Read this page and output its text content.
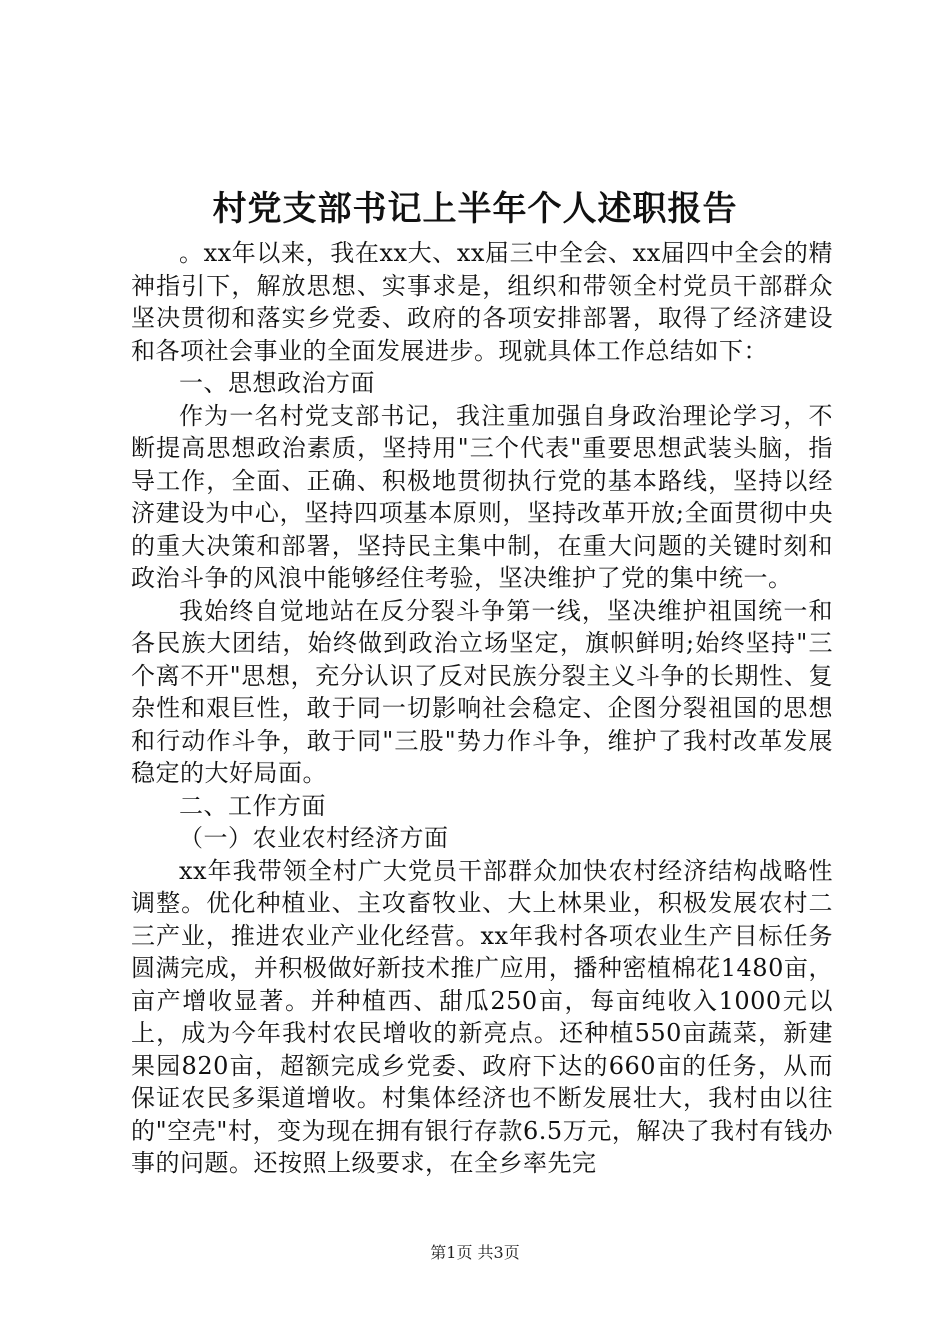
村党支部书记上半年个人述职报告

。xx年以来，我在xx大、xx届三中全会、xx届四中全会的精神指引下，解放思想、实事求是，组织和带领全村党员干部群众坚决贯彻和落实乡党委、政府的各项安排部署，取得了经济建设和各项社会事业的全面发展进步。现就具体工作总结如下：

一、思想政治方面

作为一名村党支部书记，我注重加强自身政治理论学习，不断提高思想政治素质，坚持用"三个代表"重要思想武装头脑，指导工作，全面、正确、积极地贯彻执行党的基本路线，坚持以经济建设为中心，坚持四项基本原则，坚持改革开放;全面贯彻中央的重大决策和部署，坚持民主集中制，在重大问题的关键时刻和政治斗争的风浪中能够经住考验，坚决维护了党的集中统一。

我始终自觉地站在反分裂斗争第一线，坚决维护祖国统一和各民族大团结，始终做到政治立场坚定，旗帜鲜明;始终坚持"三个离不开"思想，充分认识了反对民族分裂主义斗争的长期性、复杂性和艰巨性，敢于同一切影响社会稳定、企图分裂祖国的思想和行动作斗争，敢于同"三股"势力作斗争，维护了我村改革发展稳定的大好局面。

二、工作方面

（一）农业农村经济方面

xx年我带领全村广大党员干部群众加快农村经济结构战略性调整。优化种植业、主攻畜牧业、大上林果业，积极发展农村二三产业，推进农业产业化经营。xx年我村各项农业生产目标任务圆满完成，并积极做好新技术推广应用，播种密植棉花1480亩，亩产增收显著。并种植西、甜瓜250亩，每亩纯收入1000元以上，成为今年我村农民增收的新亮点。还种植550亩蔬菜，新建果园820亩，超额完成乡党委、政府下达的660亩的任务，从而保证农民多渠道增收。村集体经济也不断发展壮大，我村由以往的"空壳"村，变为现在拥有银行存款6.5万元，解决了我村有钱办事的问题。还按照上级要求，在全乡率先完

第1页 共3页
